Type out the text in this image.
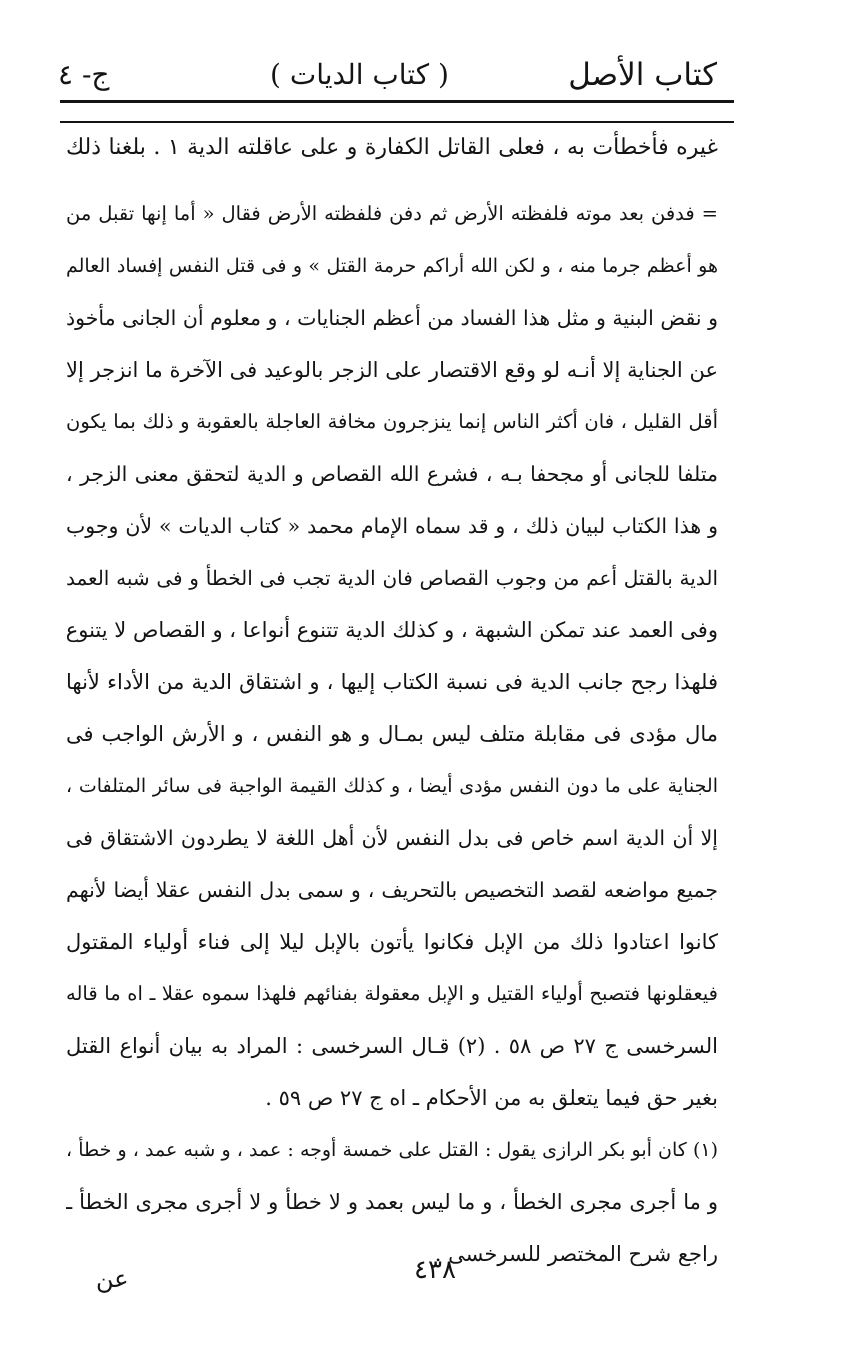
كتاب الأصل
( كتاب الديات )
ج- ٤
غيره فأخطأت به ، فعلى القاتل الكفارة و على عاقلته الدية ١ . بلغنا ذلك
= فدفن بعد موته فلفظته الأرض ثم دفن فلفظته الأرض فقال « أما إنها تقبل من
هو أعظم جرما منه ، و لكن الله أراكم حرمة القتل » و فى قتل النفس إفساد العالم
و نقض البنية و مثل هذا الفساد من أعظم الجنايات ، و معلوم أن الجانى مأخوذ
عن الجناية إلا أنـه لو وقع الاقتصار على الزجر بالوعيد فى الآخرة ما انزجر إلا
أقل القليل ، فان أكثر الناس إنما ينزجرون مخافة العاجلة بالعقوبة و ذلك بما يكون
متلفا للجانى أو مجحفا بـه ، فشرع الله القصاص و الدية لتحقق معنى الزجر ،
و هذا الكتاب لبيان ذلك ، و قد سماه الإمام محمد « كتاب الديات » لأن وجوب
الدية بالقتل أعم من وجوب القصاص فان الدية تجب فى الخطأ و فى شبه العمد
وفى العمد عند تمكن الشبهة ، و كذلك الدية تتنوع أنواعا ، و القصاص لا يتنوع
فلهذا رجح جانب الدية فى نسبة الكتاب إليها ، و اشتقاق الدية من الأداء لأنها
مال مؤدى فى مقابلة متلف ليس بمـال و هو النفس ، و الأرش الواجب فى
الجناية على ما دون النفس مؤدى أيضا ، و كذلك القيمة الواجبة فى سائر المتلفات ،
إلا أن الدية اسم خاص فى بدل النفس لأن أهل اللغة لا يطردون الاشتقاق فى
جميع مواضعه لقصد التخصيص بالتحريف ، و سمى بدل النفس عقلا أيضا لأنهم
كانوا اعتادوا ذلك من الإبل فكانوا يأتون بالإبل ليلا إلى فناء أولياء المقتول
فيعقلونها فتصبح أولياء القتيل و الإبل معقولة بفنائهم فلهذا سموه عقلا ـ اه ما قاله
السرخسى ج ٢٧ ص ٥٨ . (٢) قـال السرخسى : المراد به بيان أنواع القتل
بغير حق فيما يتعلق به من الأحكام ـ اه ج ٢٧ ص ٥٩ .
(١) كان أبو بكر الرازى يقول : القتل على خمسة أوجه : عمد ، و شبه عمد ، و خطأ ،
و ما أجرى مجرى الخطأ ، و ما ليس بعمد و لا خطأ و لا أجرى مجرى الخطأ ـ
راجع شرح المختصر للسرخسى .
٤٣٨
عن
